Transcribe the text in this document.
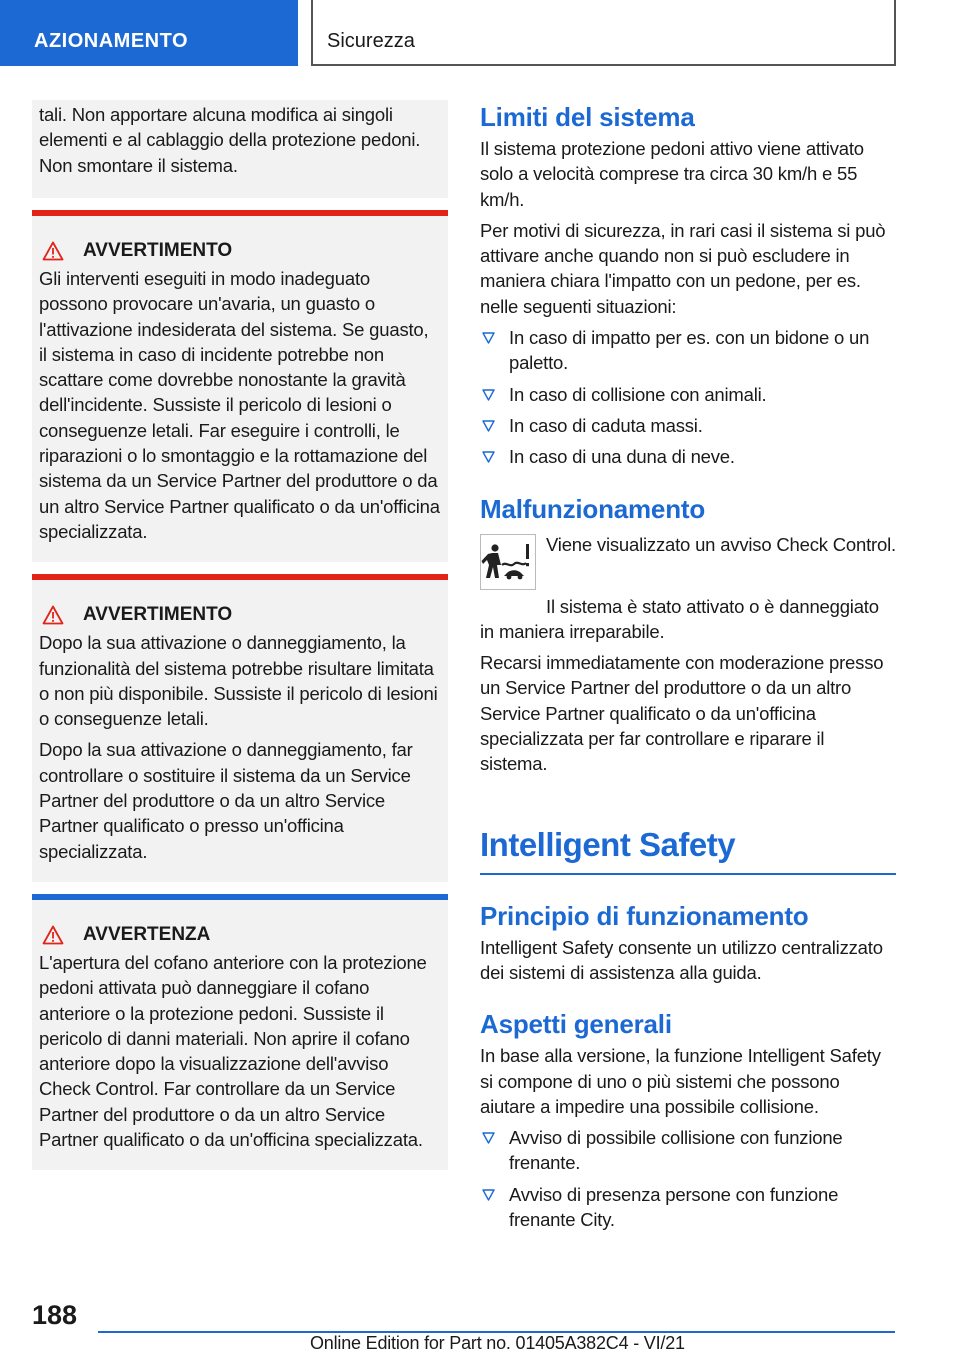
AZIONAMENTO	Sicurezza

tali. Non apportare alcuna modifica ai singoli elementi e al cablaggio della protezione pedoni. Non smontare il sistema.

AVVERTIMENTO

Gli interventi eseguiti in modo inadeguato possono provocare un'avaria, un guasto o l'attivazione indesiderata del sistema. Se guasto, il sistema in caso di incidente potrebbe non scattare come dovrebbe nonostante la gravità dell'incidente. Sussiste il pericolo di lesioni o conseguenze letali. Far eseguire i controlli, le riparazioni o lo smontaggio e la rottamazione del sistema da un Service Partner del produttore o da un altro Service Partner qualificato o da un'officina specializzata.

AVVERTIMENTO

Dopo la sua attivazione o danneggiamento, la funzionalità del sistema potrebbe risultare limitata o non più disponibile. Sussiste il pericolo di lesioni o conseguenze letali.

Dopo la sua attivazione o danneggiamento, far controllare o sostituire il sistema da un Service Partner del produttore o da un altro Service Partner qualificato o presso un'officina specializzata.

AVVERTENZA

L'apertura del cofano anteriore con la protezione pedoni attivata può danneggiare il cofano anteriore o la protezione pedoni. Sussiste il pericolo di danni materiali. Non aprire il cofano anteriore dopo la visualizzazione dell'avviso Check Control. Far controllare da un Service Partner del produttore o da un altro Service Partner qualificato o da un'officina specializzata.

Limiti del sistema

Il sistema protezione pedoni attivo viene attivato solo a velocità comprese tra circa 30 km/h e 55 km/h.

Per motivi di sicurezza, in rari casi il sistema si può attivare anche quando non si può escludere in maniera chiara l'impatto con un pedone, per es. nelle seguenti situazioni:

In caso di impatto per es. con un bidone o un paletto.
In caso di collisione con animali.
In caso di caduta massi.
In caso di una duna di neve.
Malfunzionamento

Viene visualizzato un avviso Check Control.

Il sistema è stato attivato o è danneggiato in maniera irreparabile.

Recarsi immediatamente con moderazione presso un Service Partner del produttore o da un altro Service Partner qualificato o da un'officina specializzata per far controllare e riparare il sistema.

Intelligent Safety
Principio di funzionamento

Intelligent Safety consente un utilizzo centralizzato dei sistemi di assistenza alla guida.

Aspetti generali

In base alla versione, la funzione Intelligent Safety si compone di uno o più sistemi che possono aiutare a impedire una possibile collisione.

Avviso di possibile collisione con funzione frenante.
Avviso di presenza persone con funzione frenante City.
188
Online Edition for Part no. 01405A382C4 - VI/21
